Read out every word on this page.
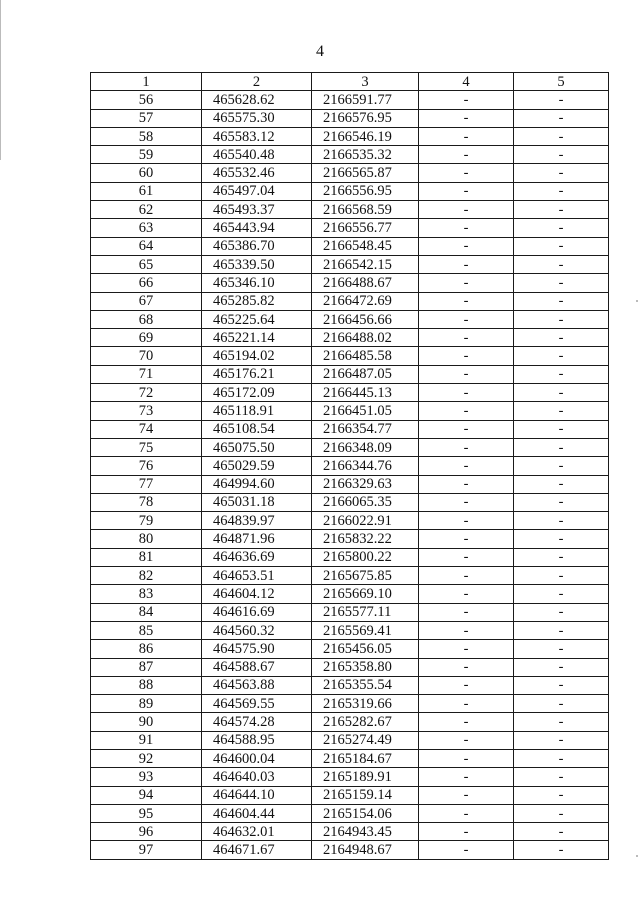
4
1	2	3	4	5
56	465628.62	2166591.77	-	-
57	465575.30	2166576.95	-	-
58	465583.12	2166546.19	-	-
59	465540.48	2166535.32	-	-
60	465532.46	2166565.87	-	-
61	465497.04	2166556.95	-	-
62	465493.37	2166568.59	-	-
63	465443.94	2166556.77	-	-
64	465386.70	2166548.45	-	-
65	465339.50	2166542.15	-	-
66	465346.10	2166488.67	-	-
67	465285.82	2166472.69	-	-
68	465225.64	2166456.66	-	-
69	465221.14	2166488.02	-	-
70	465194.02	2166485.58	-	-
71	465176.21	2166487.05	-	-
72	465172.09	2166445.13	-	-
73	465118.91	2166451.05	-	-
74	465108.54	2166354.77	-	-
75	465075.50	2166348.09	-	-
76	465029.59	2166344.76	-	-
77	464994.60	2166329.63	-	-
78	465031.18	2166065.35	-	-
79	464839.97	2166022.91	-	-
80	464871.96	2165832.22	-	-
81	464636.69	2165800.22	-	-
82	464653.51	2165675.85	-	-
83	464604.12	2165669.10	-	-
84	464616.69	2165577.11	-	-
85	464560.32	2165569.41	-	-
86	464575.90	2165456.05	-	-
87	464588.67	2165358.80	-	-
88	464563.88	2165355.54	-	-
89	464569.55	2165319.66	-	-
90	464574.28	2165282.67	-	-
91	464588.95	2165274.49	-	-
92	464600.04	2165184.67	-	-
93	464640.03	2165189.91	-	-
94	464644.10	2165159.14	-	-
95	464604.44	2165154.06	-	-
96	464632.01	2164943.45	-	-
97	464671.67	2164948.67	-	-
